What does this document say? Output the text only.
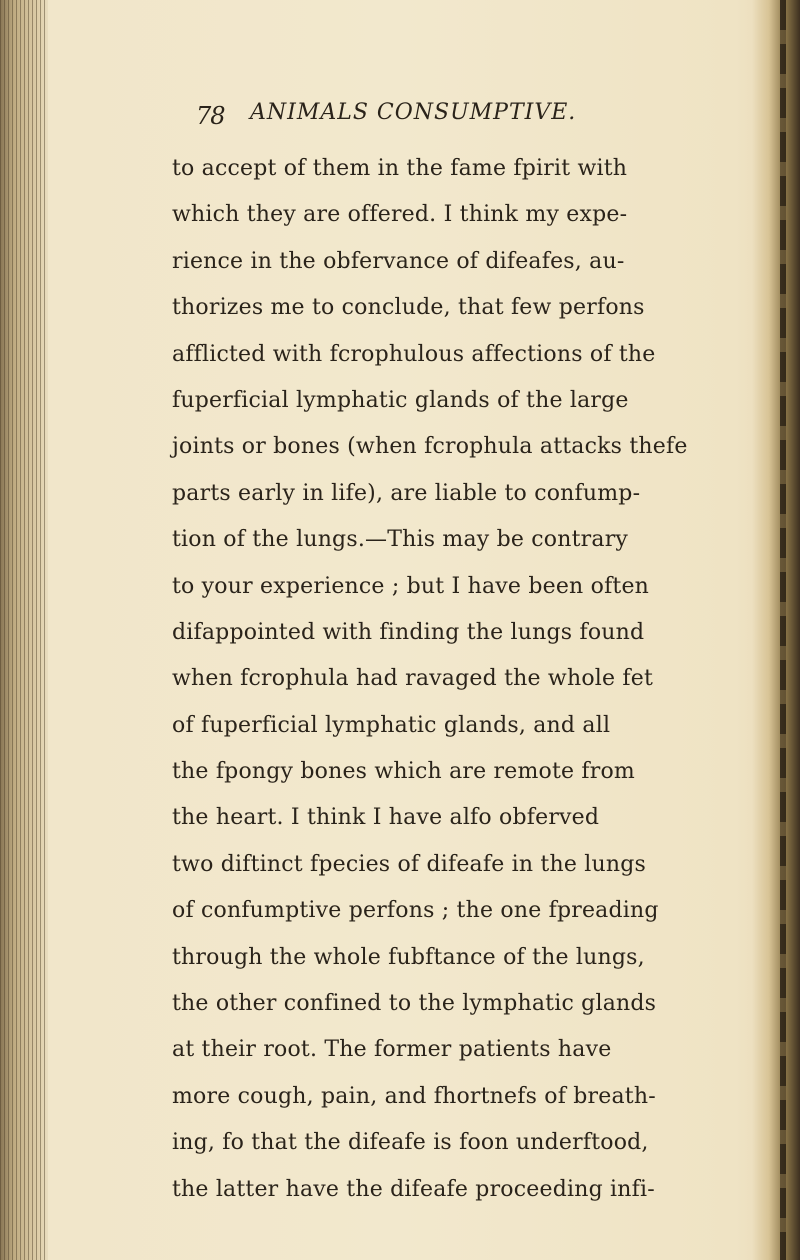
78 ANIMALS CONSUMPTIVE.
to accept of them in the fame fpirit with
which they are offered. I think my expe-
rience in the obfervance of difeafes, au-
thorizes me to conclude, that few perfons
afflicted with fcrophulous affections of the
fuperficial lymphatic glands of the large
joints or bones (when fcrophula attacks thefe
parts early in life), are liable to confump-
tion of the lungs.—This may be contrary
to your experience ; but I have been often
difappointed with finding the lungs found
when fcrophula had ravaged the whole fet
of fuperficial lymphatic glands, and all
the fpongy bones which are remote from
the heart. I think I have alfo obferved
two diftinct fpecies of difeafe in the lungs
of confumptive perfons ; the one fpreading
through the whole fubftance of the lungs,
the other confined to the lymphatic glands
at their root. The former patients have
more cough, pain, and fhortnefs of breath-
ing, fo that the difeafe is foon underftood,
the latter have the difeafe proceeding infi-
